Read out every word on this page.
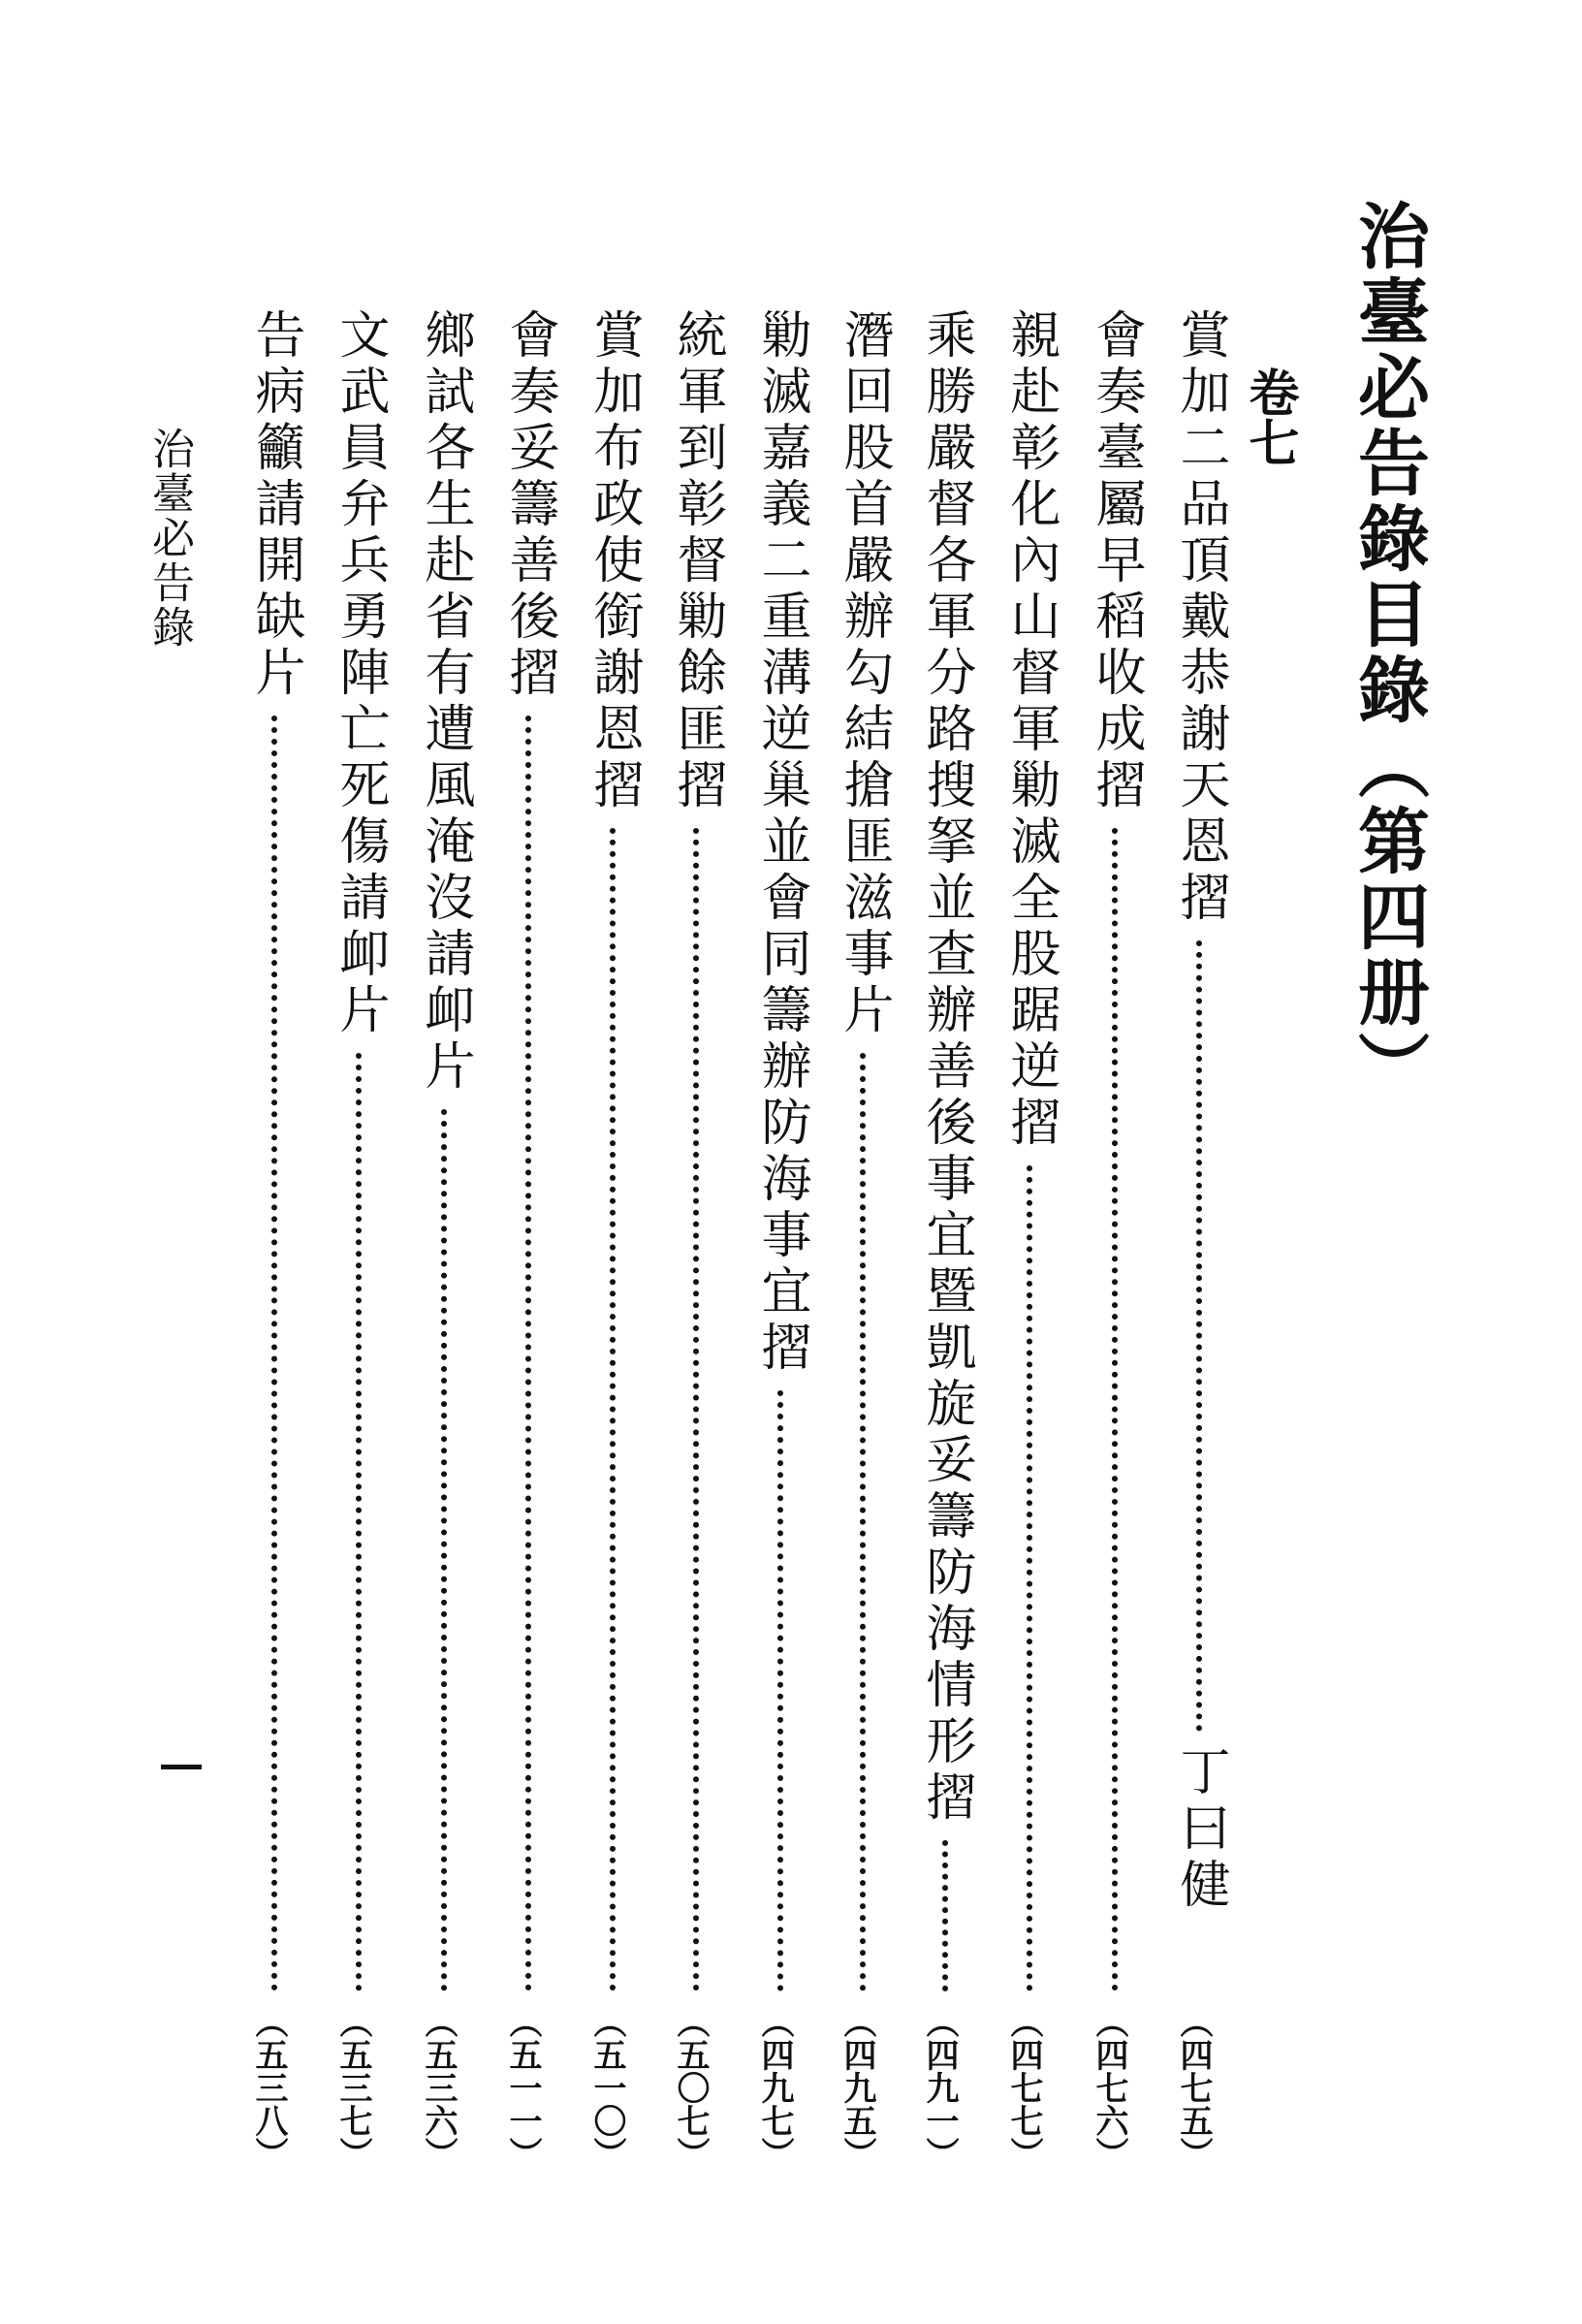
治臺必告錄目錄（第四册）
卷七
賞加二品頂戴恭謝天恩摺
丁曰健
（四七五）
會奏臺屬早稻收成摺
（四七六）
親赴彰化內山督軍勦滅全股踞逆摺
（四七七）
乘勝嚴督各軍分路搜拏並查辦善後事宜暨凱旋妥籌防海情形摺
（四九一）
潛回股首嚴辦勾結搶匪滋事片
（四九五）
勦滅嘉義二重溝逆巢並會同籌辦防海事宜摺
（四九七）
統軍到彰督勦餘匪摺
（五〇七）
賞加布政使銜謝恩摺
（五一〇）
會奏妥籌善後摺
（五一一）
鄉試各生赴省有遭風淹沒請卹片
（五三六）
文武員弁兵勇陣亡死傷請卹片
（五三七）
告病籲請開缺片
（五三八）
治臺必告錄
